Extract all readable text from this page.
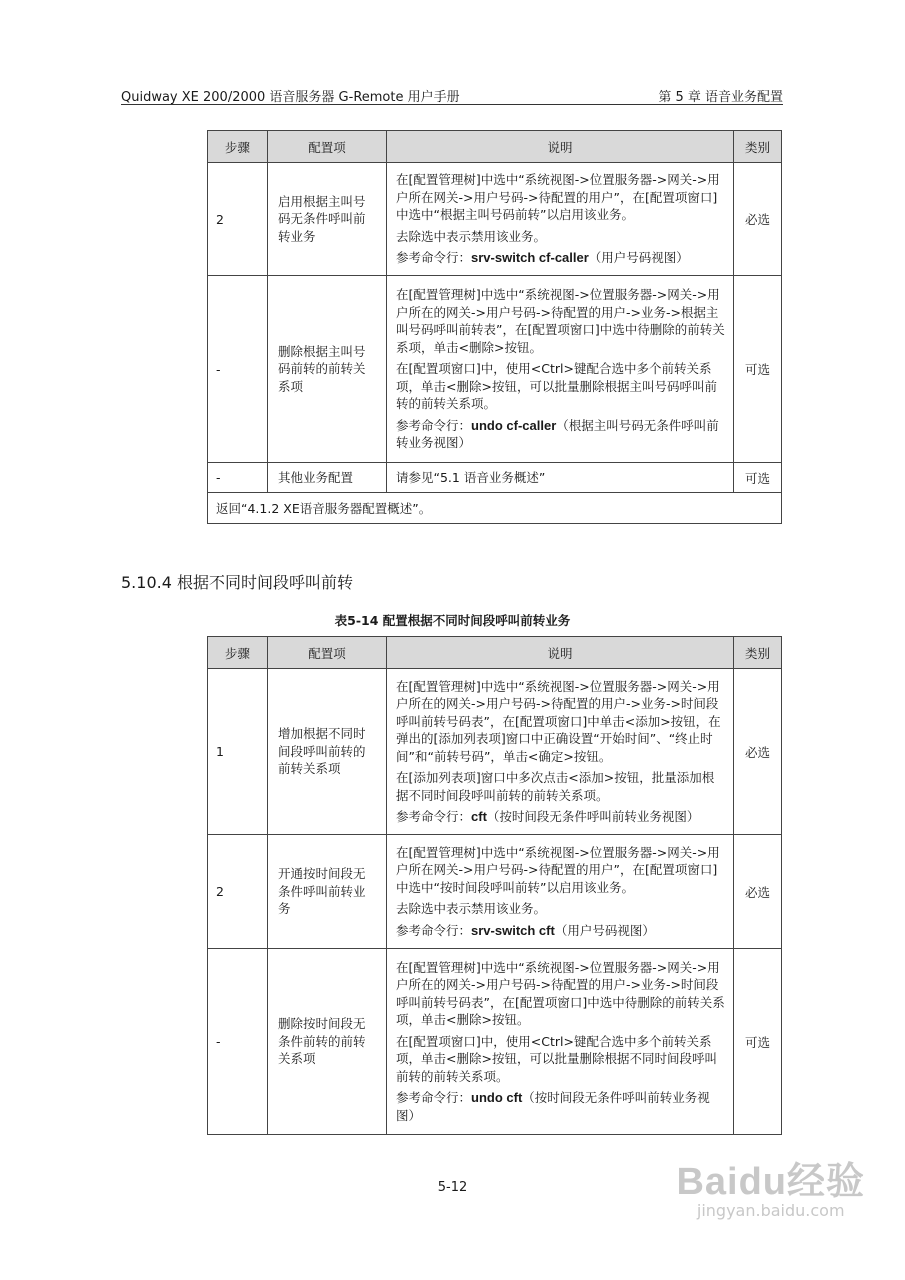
Quidway XE 200/2000 语音服务器 G-Remote 用户手册	第 5 章 语音业务配置
步骤	配置项	说明	类别
2	启用根据主叫号码无条件呼叫前转业务	在[配置管理树]中选中“系统视图->位置服务器->网关->用户所在网关->用户号码->待配置的用户”，在[配置项窗口]中选中“根据主叫号码前转”以启用该业务。

去除选中表示禁用该业务。

参考命令行：srv-switch cf-caller（用户号码视图）	必选
-	删除根据主叫号码前转的前转关系项	在[配置管理树]中选中“系统视图->位置服务器->网关->用户所在的网关->用户号码->待配置的用户->业务->根据主叫号码呼叫前转表”，在[配置项窗口]中选中待删除的前转关系项，单击<删除>按钮。

在[配置项窗口]中，使用<Ctrl>键配合选中多个前转关系项，单击<删除>按钮，可以批量删除根据主叫号码呼叫前转的前转关系项。

参考命令行：undo cf-caller（根据主叫号码无条件呼叫前转业务视图）	可选
-	其他业务配置	请参见“5.1 语音业务概述”	可选
返回“4.1.2 XE语音服务器配置概述”。			
5.10.4 根据不同时间段呼叫前转
表5-14 配置根据不同时间段呼叫前转业务
步骤	配置项	说明	类别
1	增加根据不同时间段呼叫前转的前转关系项	在[配置管理树]中选中“系统视图->位置服务器->网关->用户所在的网关->用户号码->待配置的用户->业务->时间段呼叫前转号码表”，在[配置项窗口]中单击<添加>按钮，在弹出的[添加列表项]窗口中正确设置“开始时间”、“终止时间”和“前转号码”，单击<确定>按钮。

在[添加列表项]窗口中多次点击<添加>按钮，批量添加根据不同时间段呼叫前转的前转关系项。

参考命令行：cft（按时间段无条件呼叫前转业务视图）	必选
2	开通按时间段无条件呼叫前转业务	在[配置管理树]中选中“系统视图->位置服务器->网关->用户所在网关->用户号码->待配置的用户”，在[配置项窗口]中选中“按时间段呼叫前转”以启用该业务。

去除选中表示禁用该业务。

参考命令行：srv-switch cft（用户号码视图）	必选
-	删除按时间段无条件前转的前转关系项	在[配置管理树]中选中“系统视图->位置服务器->网关->用户所在的网关->用户号码->待配置的用户->业务->时间段呼叫前转号码表”，在[配置项窗口]中选中待删除的前转关系项，单击<删除>按钮。

在[配置项窗口]中，使用<Ctrl>键配合选中多个前转关系项，单击<删除>按钮，可以批量删除根据不同时间段呼叫前转的前转关系项。

参考命令行：undo cft（按时间段无条件呼叫前转业务视图）	可选
5-12	Baidu经验
jingyan.baidu.com
